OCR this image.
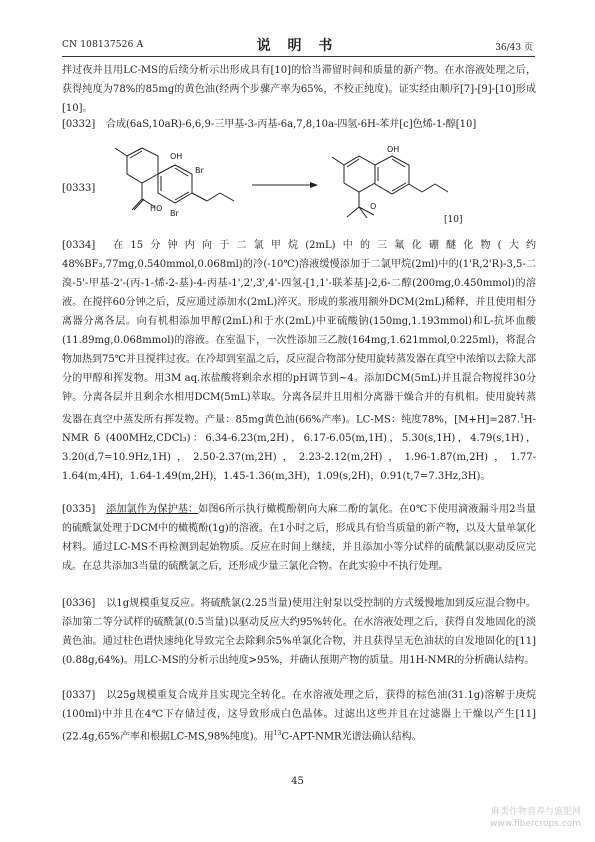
CN 108137526 A	说 明 书	36/43 页

拌过夜并且用LC-MS的后续分析示出形成具有[10]的恰当滞留时间和质量的新产物。在水溶液处理之后，获得纯度为78%的85mg的黄色油(经两个步骤产率为65%，不校正纯度)。证实经由顺序[7]-[9]-[10]形成[10]。

[0332] 合成(6aS,10aR)-6,6,9-三甲基-3-丙基-6a,7,8,10a-四氢-6H-苯并[c]色烯-1-醇[10]
[0333]
OH
Br
HO
Br
OH
O
[10]

[0334] 在15分钟内向于二氯甲烷(2mL)中的三氟化硼醚化物(大约48%BF₃,77mg,0.540mmol,0.068ml)的冷(-10℃)溶液缓慢添加于二氯甲烷(2ml)中的(1'R,2'R)-3,5-二溴-5'-甲基-2'-(丙-1-烯-2-基)-4-丙基-1',2',3',4'-四氢-[1,1'-联苯基]-2,6-二醇(200mg,0.450mmol)的溶液。在搅拌60分钟之后，反应通过添加水(2mL)淬灭。形成的浆液用额外DCM(2mL)稀释，并且使用相分离器分离各层。向有机相添加甲醇(2mL)和于水(2mL)中亚硫酸钠(150mg,1.193mmol)和L-抗坏血酸(11.89mg,0.068mmol)的溶液。在室温下，一次性添加三乙胺(164mg,1.621mmol,0.225ml)，将混合物加热到75℃并且搅拌过夜。在冷却到室温之后，反应混合物部分使用旋转蒸发器在真空中浓缩以去除大部分的甲醇和挥发物。用3M aq.浓盐酸将剩余水相的pH调节到~4。添加DCM(5mL)并且混合物搅拌30分钟。分离各层并且剩余水相用DCM(5mL)萃取。分离各层并且用相分离器干燥合并的有机相。使用旋转蒸发器在真空中蒸发所有挥发物。产量：85mg黄色油(66%产率)。LC-MS：纯度78%，[M+H]=287.$^1$H-NMR δ (400MHz,CDCl₃)：6.34-6.23(m,2H)，6.17-6.05(m,1H)，5.30(s,1H)，4.79(s,1H)，3.20(d,7=10.9Hz,1H)，2.50-2.37(m,2H)，2.23-2.12(m,2H)，1.96-1.87(m,2H)，1.77-1.64(m,4H)，1.64-1.49(m,2H)，1.45-1.36(m,3H)，1.09(s,2H)，0.91(t,7=7.3Hz,3H)。

[0335] 添加氯作为保护基：如图6所示执行橄榄酚朝向大麻二酚的氯化。在0℃下使用滴液漏斗用2当量的硫酰氯处理于DCM中的橄榄酚(1g)的溶液。在1小时之后，形成具有恰当质量的新产物，以及大量单氯化材料。通过LC-MS不再检测到起始物质。反应在时间上继续，并且添加小等分试样的硫酰氯以驱动反应完成。在总共添加3当量的硫酰氯之后，还形成少量三氯化合物。在此实验中不执行处理。

[0336] 以1g规模重复反应。将硫酰氯(2.25当量)使用注射泵以受控制的方式缓慢地加到反应混合物中。添加第二等分试样的硫酰氯(0.5当量)以驱动反应大约95%转化。在水溶液处理之后，获得自发地固化的淡黄色油。通过柱色谱快速纯化导致完全去除剩余5%单氯化合物，并且获得呈无色油状的自发地固化的[11](0.88g,64%)。用LC-MS的分析示出纯度>95%，并确认预期产物的质量。用1H-NMR的分析确认结构。

[0337] 以25g规模重复合成并且实现完全转化。在水溶液处理之后，获得的棕色油(31.1g)溶解于庚烷(100ml)中并且在4℃下存储过夜，这导致形成白色晶体。过滤出这些并且在过滤器上干燥以产生[11](22.4g,65%产率和根据LC-MS,98%纯度)。用$^{13}$C-APT-NMR光谱法确认结构。

45
麻类作物营养与施肥网
www.fibercrops.com
